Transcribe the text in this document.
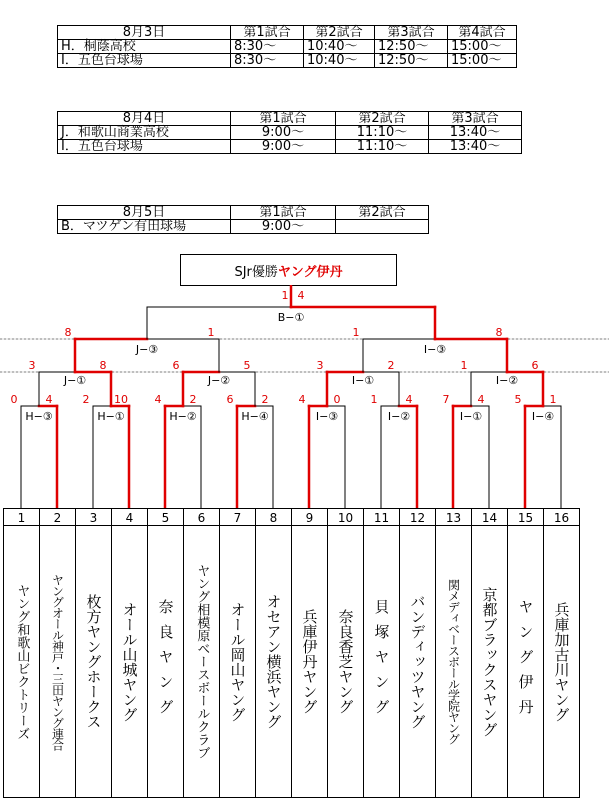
8月3日	第1試合	第2試合	第3試合	第4試合
H．桐蔭高校	8:30～	10:40～	12:50～	15:00～
I．五色台球場	8:30～	10:40～	12:50～	15:00～
8月4日	第1試合	第2試合	第3試合
J．和歌山商業高校	9:00～	11:10～	13:40～
I．五色台球場	9:00～	11:10～	13:40～
8月5日	第1試合	第2試合
B．マツゲン有田球場	9:00～	
SJr優勝 ヤング伊丹
0	4
H−③
2 10
H−①
4	2
H−②
6	2
H−④
4	0
I−③
1	4
I−②
7	4
I−①
5	1
I−④
3	8
J−①
6	5
J−②
3	2
I−①
1	6
I−②
8	1
J−③
1	8
I−③
1 4
B−①
1
ヤング和歌山ビクトリーズ
2
ヤングオール神戸・三田ヤング連合
3
枚方ヤングホークス
4
オール山城ヤング
5
奈良ヤング
6
ヤング相模原ベースボールクラブ
7
オール岡山ヤング
8
オセアン横浜ヤング
9
兵庫伊丹ヤング
10
奈良香芝ヤング
11
貝塚ヤング
12
バンディッツヤング
13
関メディベースボール学院ヤング
14
京都ブラックスヤング
15
ヤング伊丹
16
兵庫加古川ヤング
